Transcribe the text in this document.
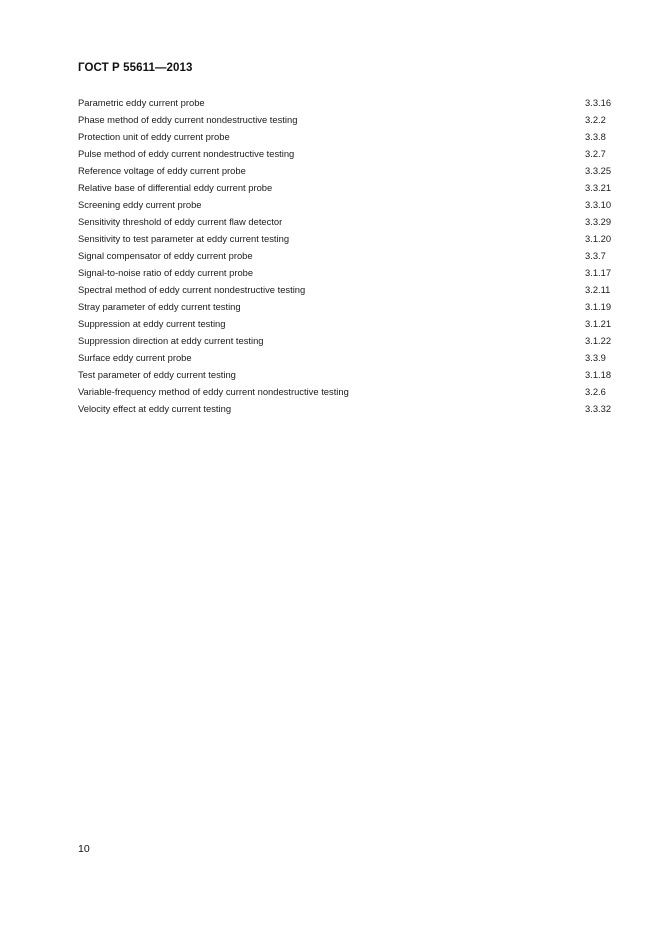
ГОСТ Р 55611—2013
Parametric eddy current probe	3.3.16
Phase method of eddy current nondestructive testing	3.2.2
Protection unit of eddy current probe	3.3.8
Pulse method of eddy current nondestructive testing	3.2.7
Reference voltage of eddy current probe	3.3.25
Relative base of differential eddy current probe	3.3.21
Screening eddy current probe	3.3.10
Sensitivity threshold of eddy current flaw detector	3.3.29
Sensitivity to test parameter at eddy current testing	3.1.20
Signal compensator of eddy current probe	3.3.7
Signal-to-noise ratio of eddy current probe	3.1.17
Spectral method of eddy current nondestructive testing	3.2.11
Stray parameter of eddy current testing	3.1.19
Suppression at eddy current testing	3.1.21
Suppression direction at eddy current testing	3.1.22
Surface eddy current probe	3.3.9
Test parameter of eddy current testing	3.1.18
Variable-frequency method of eddy current nondestructive testing	3.2.6
Velocity effect at eddy current testing	3.3.32
10
